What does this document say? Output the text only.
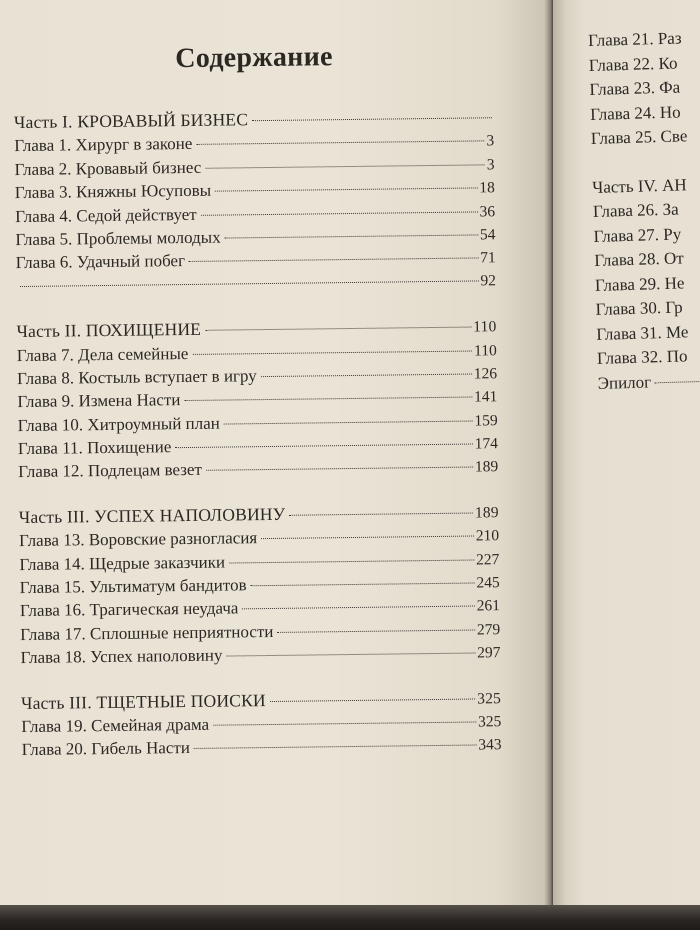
Содержание
Часть I. КРОВАВЫЙ БИЗНЕС
Глава 1. Хирург в законе	3
Глава 2. Кровавый бизнес	3
Глава 3. Княжны Юсуповы	18
Глава 4. Седой действует	36
Глава 5. Проблемы молодых	54
Глава 6. Удачный побег	71
92
Часть II. ПОХИЩЕНИЕ	110
Глава 7. Дела семейные	110
Глава 8. Костыль вступает в игру	126
Глава 9. Измена Насти	141
Глава 10. Хитроумный план	159
Глава 11. Похищение	174
Глава 12. Подлецам везет	189
Часть III. УСПЕХ НАПОЛОВИНУ	189
Глава 13. Воровские разногласия	210
Глава 14. Щедрые заказчики	227
Глава 15. Ультиматум бандитов	245
Глава 16. Трагическая неудача	261
Глава 17. Сплошные неприятности	279
Глава 18. Успех наполовину	297
Часть III. ТЩЕТНЫЕ ПОИСКИ	325
Глава 19. Семейная драма	325
Глава 20. Гибель Насти	343
Глава 21. Раз
Глава 22. Ко
Глава 23. Фа
Глава 24. Но
Глава 25. Све
Часть IV. АН
Глава 26. За
Глава 27. Ру
Глава 28. От
Глава 29. Не
Глава 30. Гр
Глава 31. Ме
Глава 32. По
Эпилог
